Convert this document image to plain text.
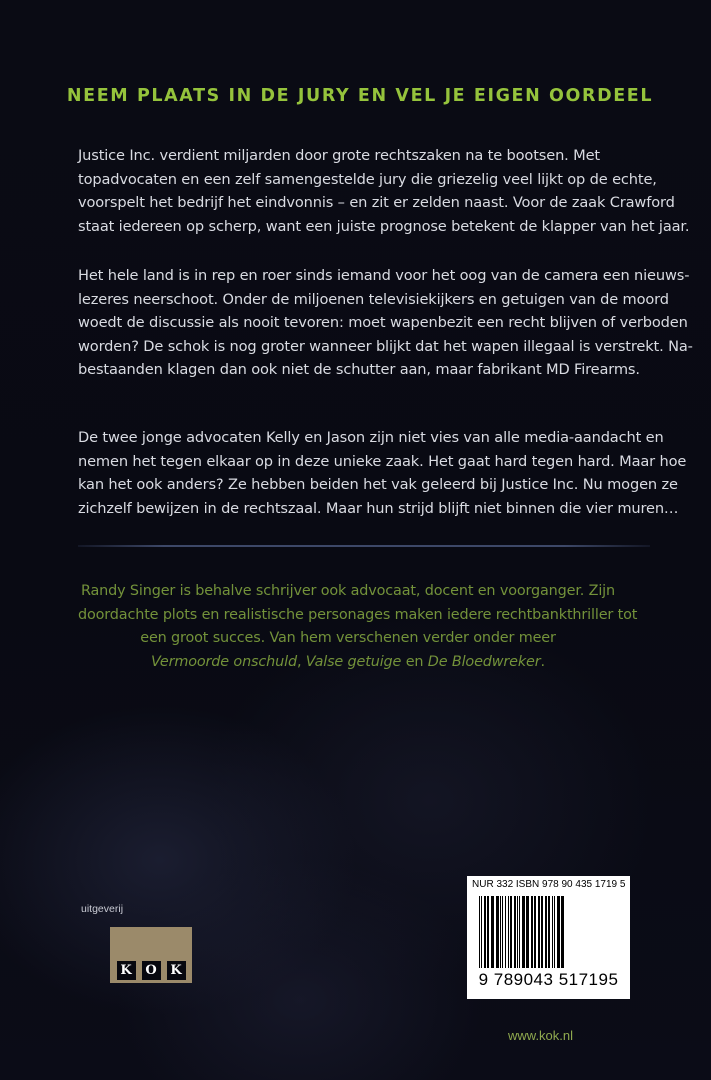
NEEM PLAATS IN DE JURY EN VEL JE EIGEN OORDEEL
Justice Inc. verdient miljarden door grote rechtszaken na te bootsen. Met
topadvocaten en een zelf samengestelde jury die griezelig veel lijkt op de echte,
voorspelt het bedrijf het eindvonnis – en zit er zelden naast. Voor de zaak Crawford
staat iedereen op scherp, want een juiste prognose betekent de klapper van het jaar.
Het hele land is in rep en roer sinds iemand voor het oog van de camera een nieuws-
lezeres neerschoot. Onder de miljoenen televisiekijkers en getuigen van de moord
woedt de discussie als nooit tevoren: moet wapenbezit een recht blijven of verboden
worden? De schok is nog groter wanneer blijkt dat het wapen illegaal is verstrekt. Na-
bestaanden klagen dan ook niet de schutter aan, maar fabrikant MD Firearms.
De twee jonge advocaten Kelly en Jason zijn niet vies van alle media-aandacht en
nemen het tegen elkaar op in deze unieke zaak. Het gaat hard tegen hard. Maar hoe
kan het ook anders? Ze hebben beiden het vak geleerd bij Justice Inc. Nu mogen ze
zichzelf bewijzen in de rechtszaal. Maar hun strijd blijft niet binnen die vier muren…
Randy Singer is behalve schrijver ook advocaat, docent en voorganger. Zijn
doordachte plots en realistische personages maken iedere rechtbankthriller tot
een groot succes. Van hem verschenen verder onder meer
Vermoorde onschuld, Valse getuige en De Bloedwreker.
uitgeverij
K O K
NUR 332 ISBN 978 90 435 1719 5
9 789043 517195
www.kok.nl
